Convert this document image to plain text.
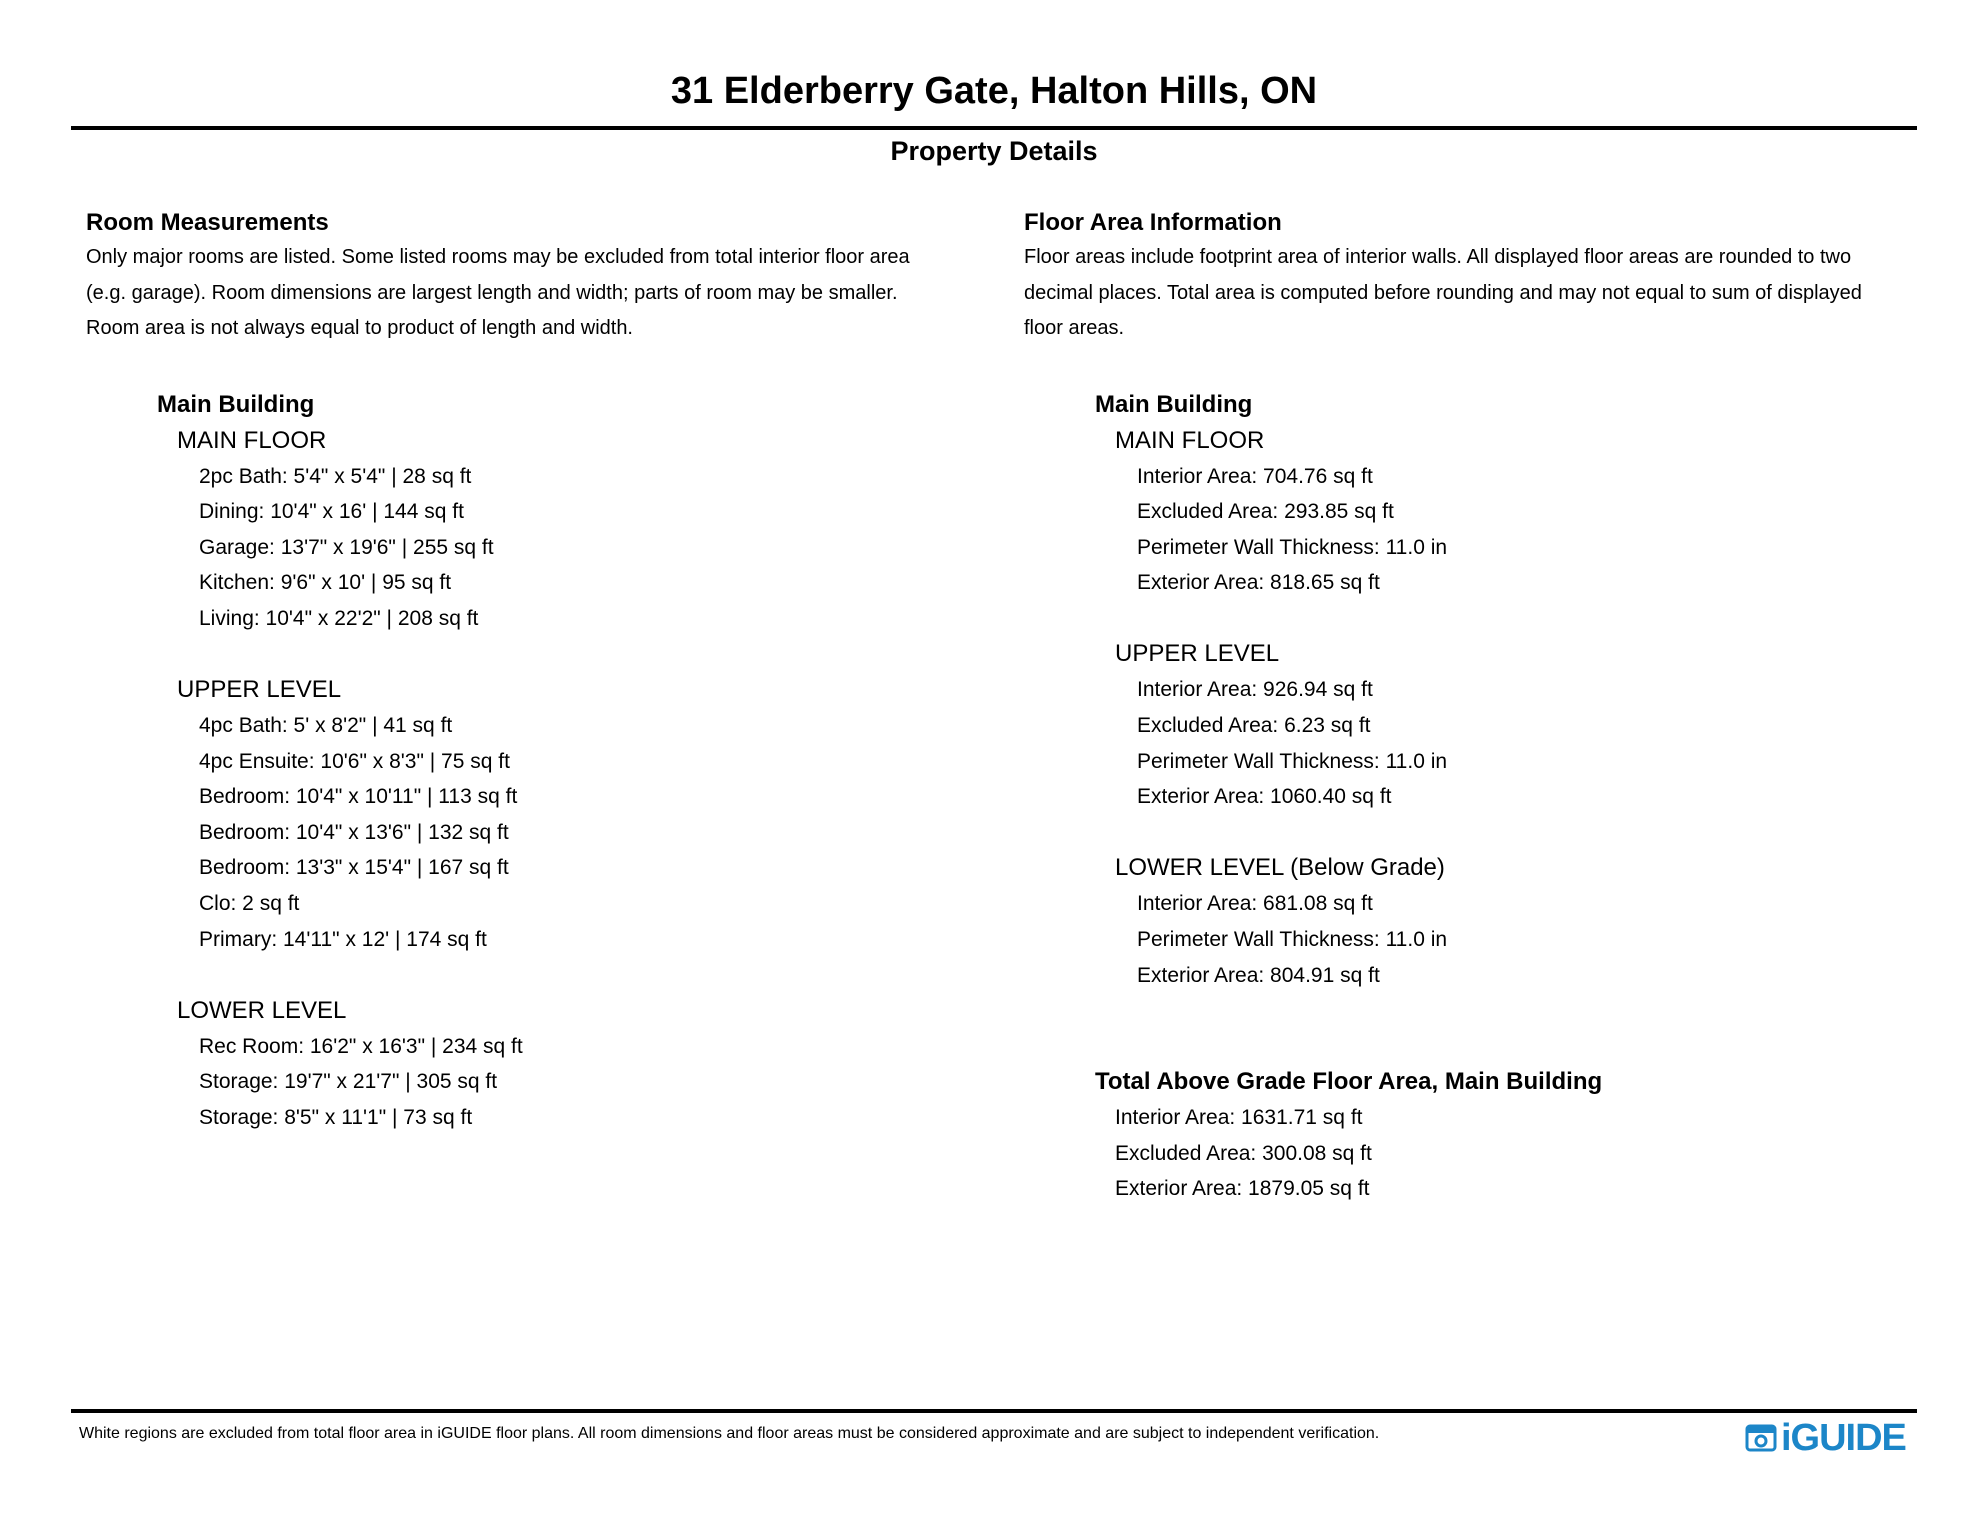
31 Elderberry Gate, Halton Hills, ON
Property Details
Room Measurements

Only major rooms are listed. Some listed rooms may be excluded from total interior floor area
(e.g. garage). Room dimensions are largest length and width; parts of room may be smaller.
Room area is not always equal to product of length and width.

Main Building
MAIN FLOOR
2pc Bath: 5'4" x 5'4" | 28 sq ft
Dining: 10'4" x 16' | 144 sq ft
Garage: 13'7" x 19'6" | 255 sq ft
Kitchen: 9'6" x 10' | 95 sq ft
Living: 10'4" x 22'2" | 208 sq ft
UPPER LEVEL
4pc Bath: 5' x 8'2" | 41 sq ft
4pc Ensuite: 10'6" x 8'3" | 75 sq ft
Bedroom: 10'4" x 10'11" | 113 sq ft
Bedroom: 10'4" x 13'6" | 132 sq ft
Bedroom: 13'3" x 15'4" | 167 sq ft
Clo: 2 sq ft
Primary: 14'11" x 12' | 174 sq ft
LOWER LEVEL
Rec Room: 16'2" x 16'3" | 234 sq ft
Storage: 19'7" x 21'7" | 305 sq ft
Storage: 8'5" x 11'1" | 73 sq ft
Floor Area Information

Floor areas include footprint area of interior walls. All displayed floor areas are rounded to two
decimal places. Total area is computed before rounding and may not equal to sum of displayed
floor areas.

Main Building
MAIN FLOOR
Interior Area: 704.76 sq ft
Excluded Area: 293.85 sq ft
Perimeter Wall Thickness: 11.0 in
Exterior Area: 818.65 sq ft
UPPER LEVEL
Interior Area: 926.94 sq ft
Excluded Area: 6.23 sq ft
Perimeter Wall Thickness: 11.0 in
Exterior Area: 1060.40 sq ft
LOWER LEVEL (Below Grade)
Interior Area: 681.08 sq ft
Perimeter Wall Thickness: 11.0 in
Exterior Area: 804.91 sq ft
Total Above Grade Floor Area, Main Building
Interior Area: 1631.71 sq ft
Excluded Area: 300.08 sq ft
Exterior Area: 1879.05 sq ft
White regions are excluded from total floor area in iGUIDE floor plans. All room dimensions and floor areas must be considered approximate and are subject to independent verification.	iGUIDE
